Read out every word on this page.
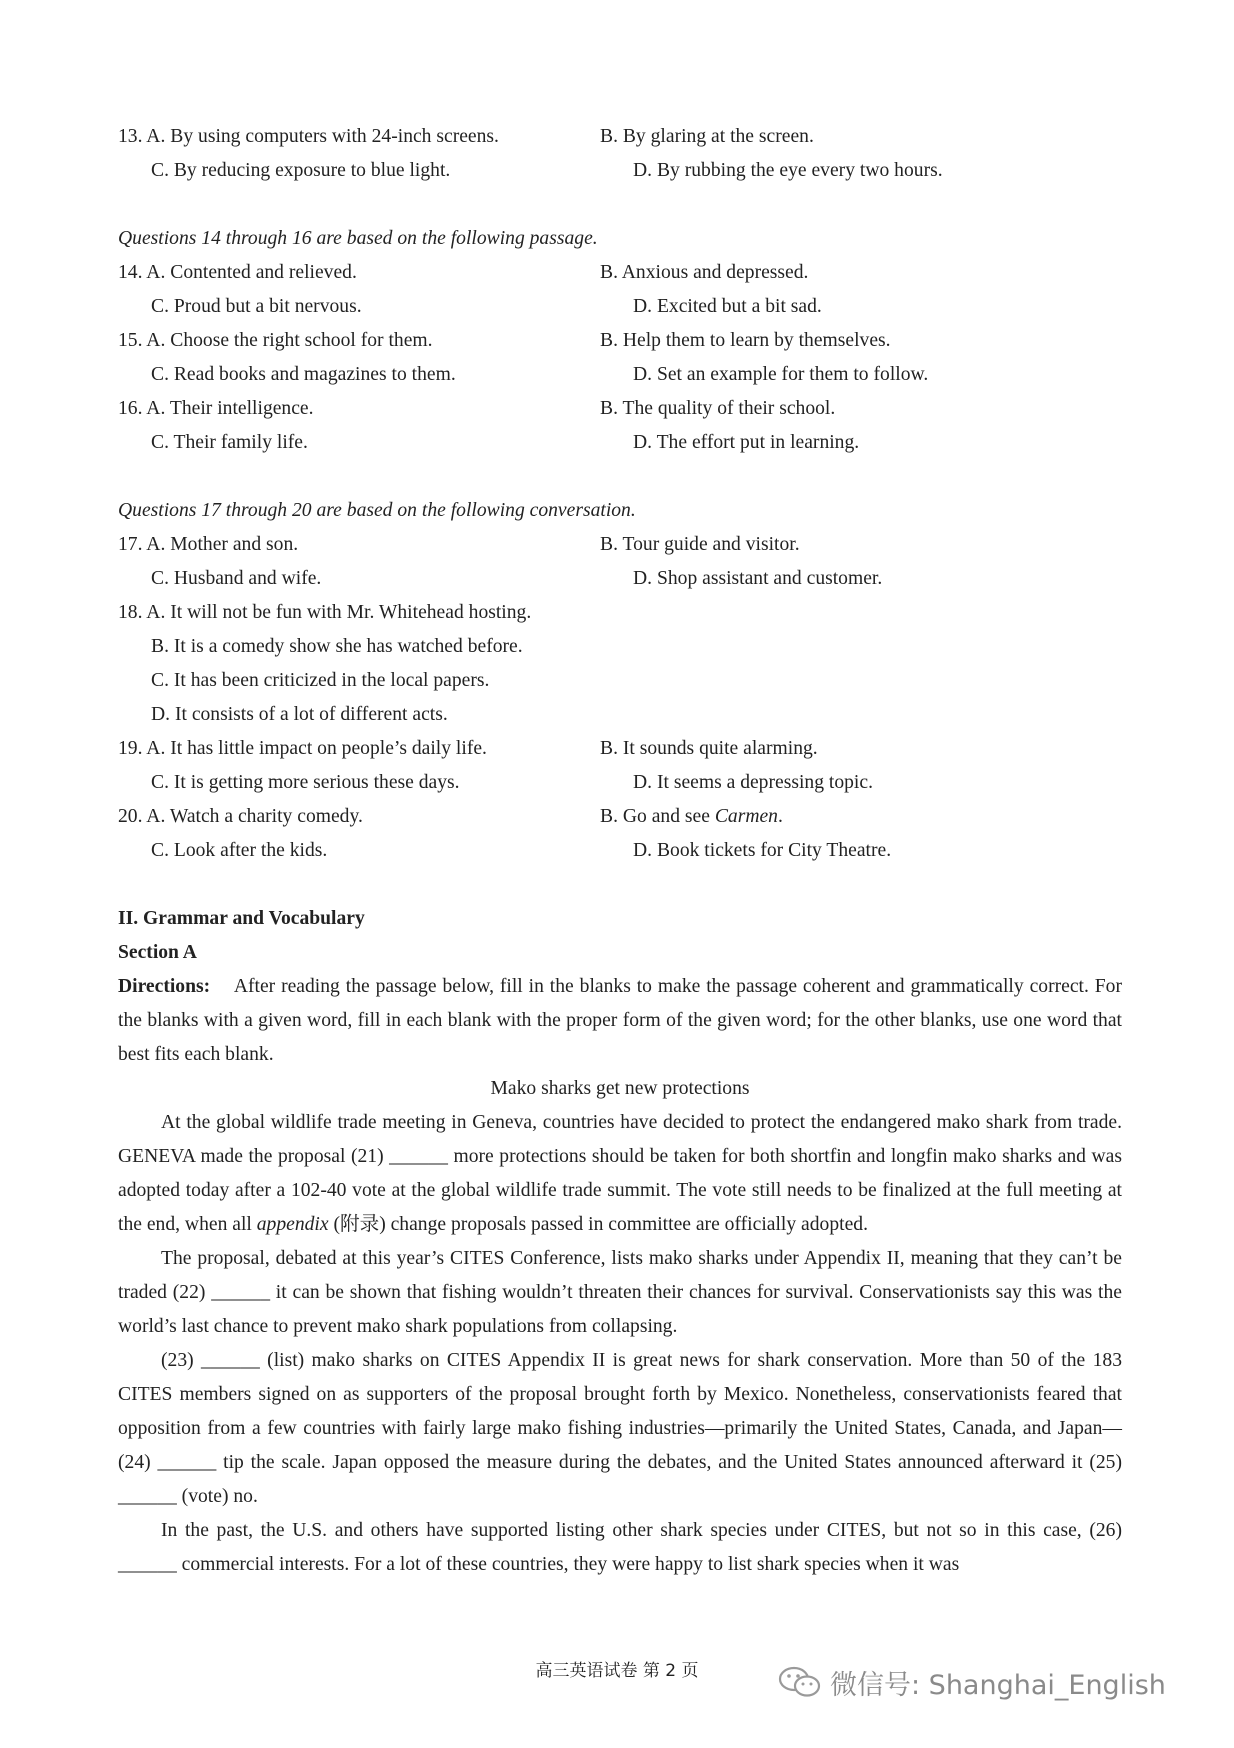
13. A. By using computers with 24-inch screens.	B. By glaring at the screen.
C. By reducing exposure to blue light.	D. By rubbing the eye every two hours.
Questions 14 through 16 are based on the following passage.
14. A. Contented and relieved.	B. Anxious and depressed.
C. Proud but a bit nervous.	D. Excited but a bit sad.
15. A. Choose the right school for them.	B. Help them to learn by themselves.
C. Read books and magazines to them.	D. Set an example for them to follow.
16. A. Their intelligence.	B. The quality of their school.
C. Their family life.	D. The effort put in learning.
Questions 17 through 20 are based on the following conversation.
17. A. Mother and son.	B. Tour guide and visitor.
C. Husband and wife.	D. Shop assistant and customer.
18. A. It will not be fun with Mr. Whitehead hosting.
B. It is a comedy show she has watched before.
C. It has been criticized in the local papers.
D. It consists of a lot of different acts.
19. A. It has little impact on people’s daily life.	B. It sounds quite alarming.
C. It is getting more serious these days.	D. It seems a depressing topic.
20. A. Watch a charity comedy.	B. Go and see Carmen.
C. Look after the kids.	D. Book tickets for City Theatre.
II. Grammar and Vocabulary
Section A

Directions: After reading the passage below, fill in the blanks to make the passage coherent and grammatically correct. For the blanks with a given word, fill in each blank with the proper form of the given word; for the other blanks, use one word that best fits each blank.

Mako sharks get new protections

At the global wildlife trade meeting in Geneva, countries have decided to protect the endangered mako shark from trade. GENEVA made the proposal (21) ______ more protections should be taken for both shortfin and longfin mako sharks and was adopted today after a 102-40 vote at the global wildlife trade summit. The vote still needs to be finalized at the full meeting at the end, when all appendix (附录) change proposals passed in committee are officially adopted.

The proposal, debated at this year’s CITES Conference, lists mako sharks under Appendix II, meaning that they can’t be traded (22) ______ it can be shown that fishing wouldn’t threaten their chances for survival. Conservationists say this was the world’s last chance to prevent mako shark populations from collapsing.

(23) ______ (list) mako sharks on CITES Appendix II is great news for shark conservation. More than 50 of the 183 CITES members signed on as supporters of the proposal brought forth by Mexico. Nonetheless, conservationists feared that opposition from a few countries with fairly large mako fishing industries—primarily the United States, Canada, and Japan—(24) ______ tip the scale. Japan opposed the measure during the debates, and the United States announced afterward it (25) ______ (vote) no.

In the past, the U.S. and others have supported listing other shark species under CITES, but not so in this case, (26) ______ commercial interests. For a lot of these countries, they were happy to list shark species when it was

高三英语试卷 第 2 页	微信号: Shanghai_English
